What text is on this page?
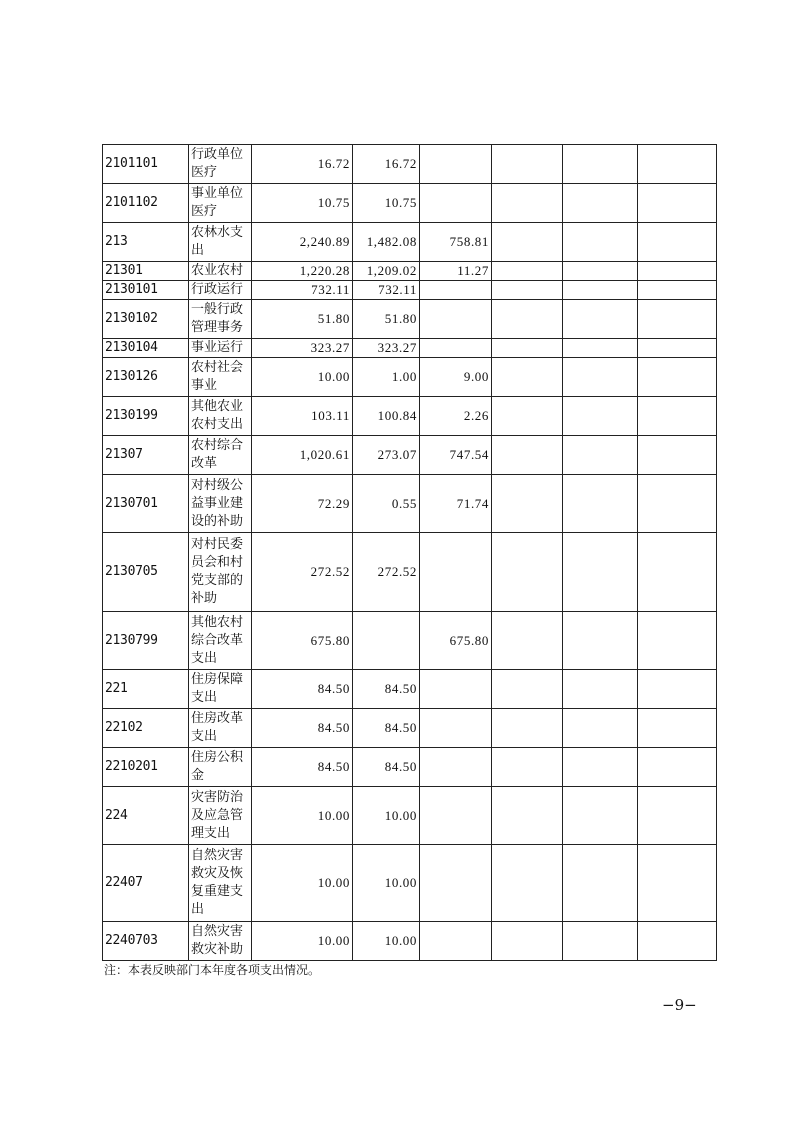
2101101	行政单位医疗	16.72	16.72				
2101102	事业单位医疗	10.75	10.75				
213	农林水支出	2,240.89	1,482.08	758.81			
21301	农业农村	1,220.28	1,209.02	11.27			
2130101	行政运行	732.11	732.11				
2130102	一般行政管理事务	51.80	51.80				
2130104	事业运行	323.27	323.27				
2130126	农村社会事业	10.00	1.00	9.00			
2130199	其他农业农村支出	103.11	100.84	2.26			
21307	农村综合改革	1,020.61	273.07	747.54			
2130701	对村级公益事业建设的补助	72.29	0.55	71.74			
2130705	对村民委员会和村党支部的补助	272.52	272.52				
2130799	其他农村综合改革支出	675.80		675.80			
221	住房保障支出	84.50	84.50				
22102	住房改革支出	84.50	84.50				
2210201	住房公积金	84.50	84.50				
224	灾害防治及应急管理支出	10.00	10.00				
22407	自然灾害救灾及恢复重建支出	10.00	10.00				
2240703	自然灾害救灾补助	10.00	10.00				
注：本表反映部门本年度各项支出情况。
−9−
